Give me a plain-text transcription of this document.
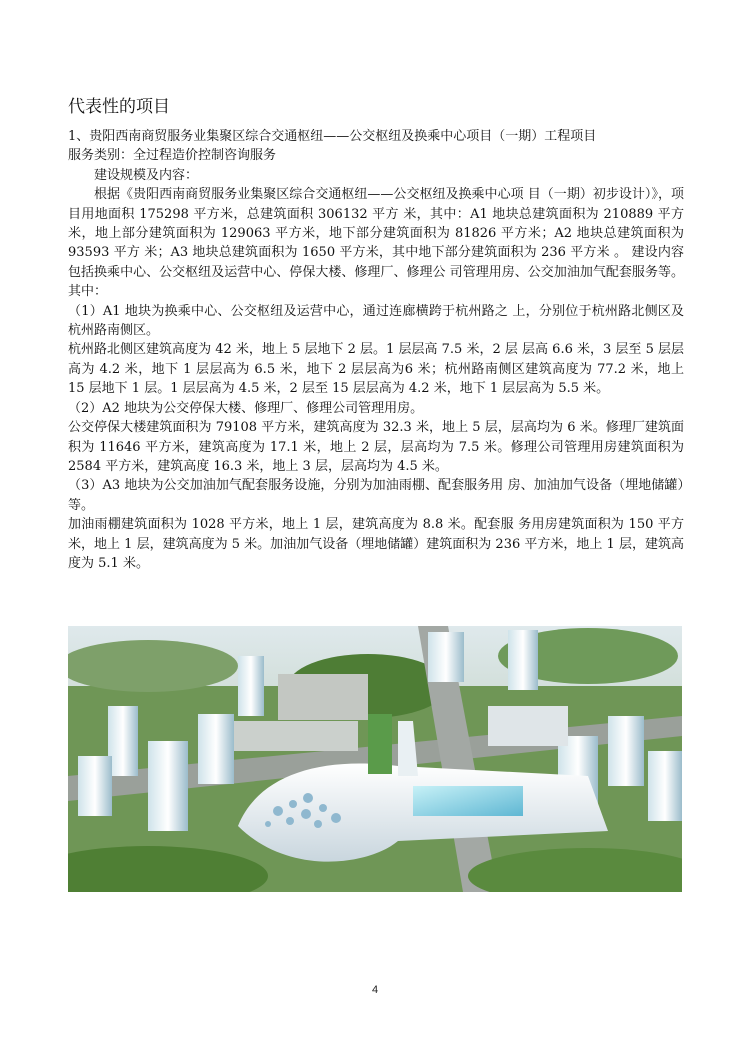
代表性的项目

1、贵阳西南商贸服务业集聚区综合交通枢纽——公交枢纽及换乘中心项目（一期）工程项目

服务类别：全过程造价控制咨询服务

建设规模及内容：

根据《贵阳西南商贸服务业集聚区综合交通枢纽——公交枢纽及换乘中心项 目（一期）初步设计）》，项目用地面积 175298 平方米，总建筑面积 306132 平方 米，其中：A1 地块总建筑面积为 210889 平方米，地上部分建筑面积为 129063 平方米，地下部分建筑面积为 81826 平方米；A2 地块总建筑面积为 93593 平方 米；A3 地块总建筑面积为 1650 平方米，其中地下部分建筑面积为 236 平方米 。 建设内容包括换乘中心、公交枢纽及运营中心、停保大楼、修理厂、修理公 司管理用房、公交加油加气配套服务等。其中：

（1）A1 地块为换乘中心、公交枢纽及运营中心，通过连廊横跨于杭州路之 上，分别位于杭州路北侧区及杭州路南侧区。

杭州路北侧区建筑高度为 42 米，地上 5 层地下 2 层。1 层层高 7.5 米，2 层 层高 6.6 米，3 层至 5 层层高为 4.2 米，地下 1 层层高为 6.5 米，地下 2 层层高为6 米；杭州路南侧区建筑高度为 77.2 米，地上 15 层地下 1 层。1 层层高为 4.5 米，2 层至 15 层层高为 4.2 米，地下 1 层层高为 5.5 米。

（2）A2 地块为公交停保大楼、修理厂、修理公司管理用房。

公交停保大楼建筑面积为 79108 平方米，建筑高度为 32.3 米，地上 5 层，层高均为 6 米。修理厂建筑面积为 11646 平方米，建筑高度为 17.1 米，地上 2 层，层高均为 7.5 米。修理公司管理用房建筑面积为 2584 平方米，建筑高度 16.3 米，地上 3 层，层高均为 4.5 米。

（3）A3 地块为公交加油加气配套服务设施，分别为加油雨棚、配套服务用 房、加油加气设备（埋地储罐）等。

加油雨棚建筑面积为 1028 平方米，地上 1 层，建筑高度为 8.8 米。配套服 务用房建筑面积为 150 平方米，地上 1 层，建筑高度为 5 米。加油加气设备（埋地储罐）建筑面积为 236 平方米，地上 1 层，建筑高度为 5.1 米。

4
